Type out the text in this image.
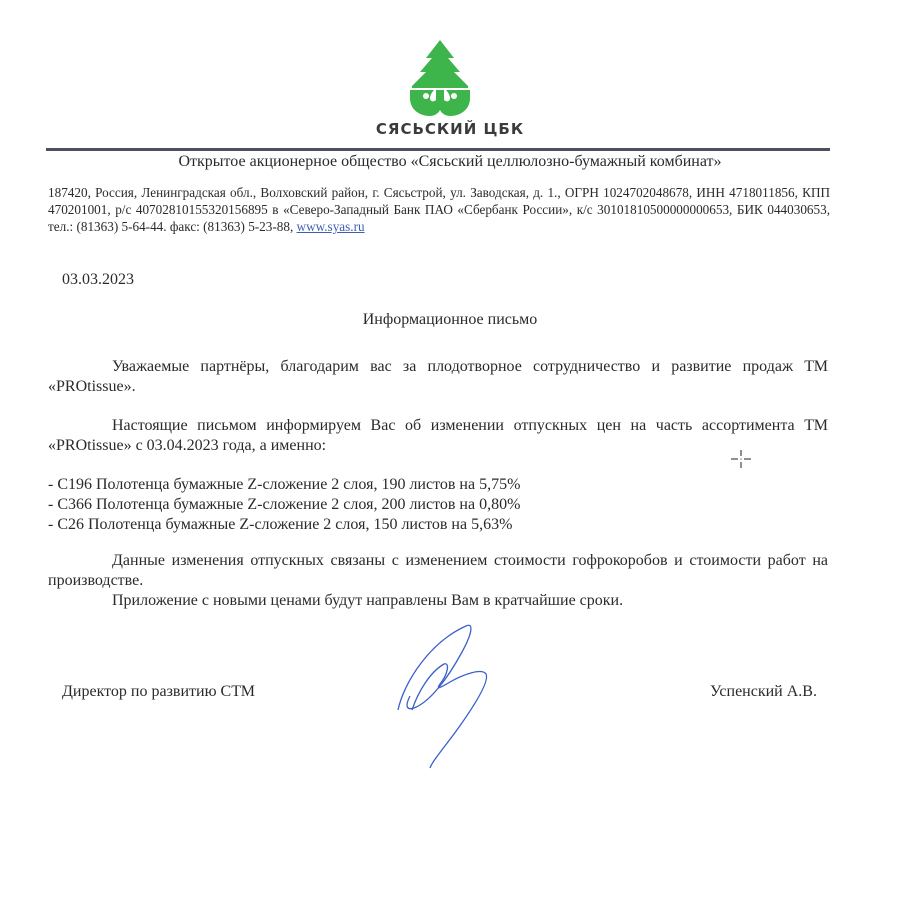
СЯСЬСКИЙ ЦБК
Открытое акционерное общество «Сясьский целлюлозно-бумажный комбинат»
187420, Россия, Ленинградская обл., Волховский район, г. Сясьстрой, ул. Заводская, д. 1., ОГРН 1024702048678, ИНН 4718011856, КПП 470201001, р/с 40702810155320156895 в «Северо-Западный Банк ПАО «Сбербанк России», к/с 30101810500000000653, БИК 044030653, тел.: (81363) 5-64-44. факс: (81363) 5-23-88, www.syas.ru
03.03.2023
Информационное письмо
Уважаемые партнёры, благодарим вас за плодотворное сотрудничество и развитие продаж ТМ «PROtissue».
Настоящие письмом информируем Вас об изменении отпускных цен на часть ассортимента ТМ «PROtissue» с 03.04.2023 года, а именно:
- С196 Полотенца бумажные Z-сложение 2 слоя, 190 листов на 5,75%
- С366 Полотенца бумажные Z-сложение 2 слоя, 200 листов на 0,80%
- С26 Полотенца бумажные Z-сложение 2 слоя, 150 листов на 5,63%
Данные изменения отпускных связаны с изменением стоимости гофрокоробов и стоимости работ на производстве.
Приложение с новыми ценами будут направлены Вам в кратчайшие сроки.
Директор по развитию СТМ	Успенский А.В.
